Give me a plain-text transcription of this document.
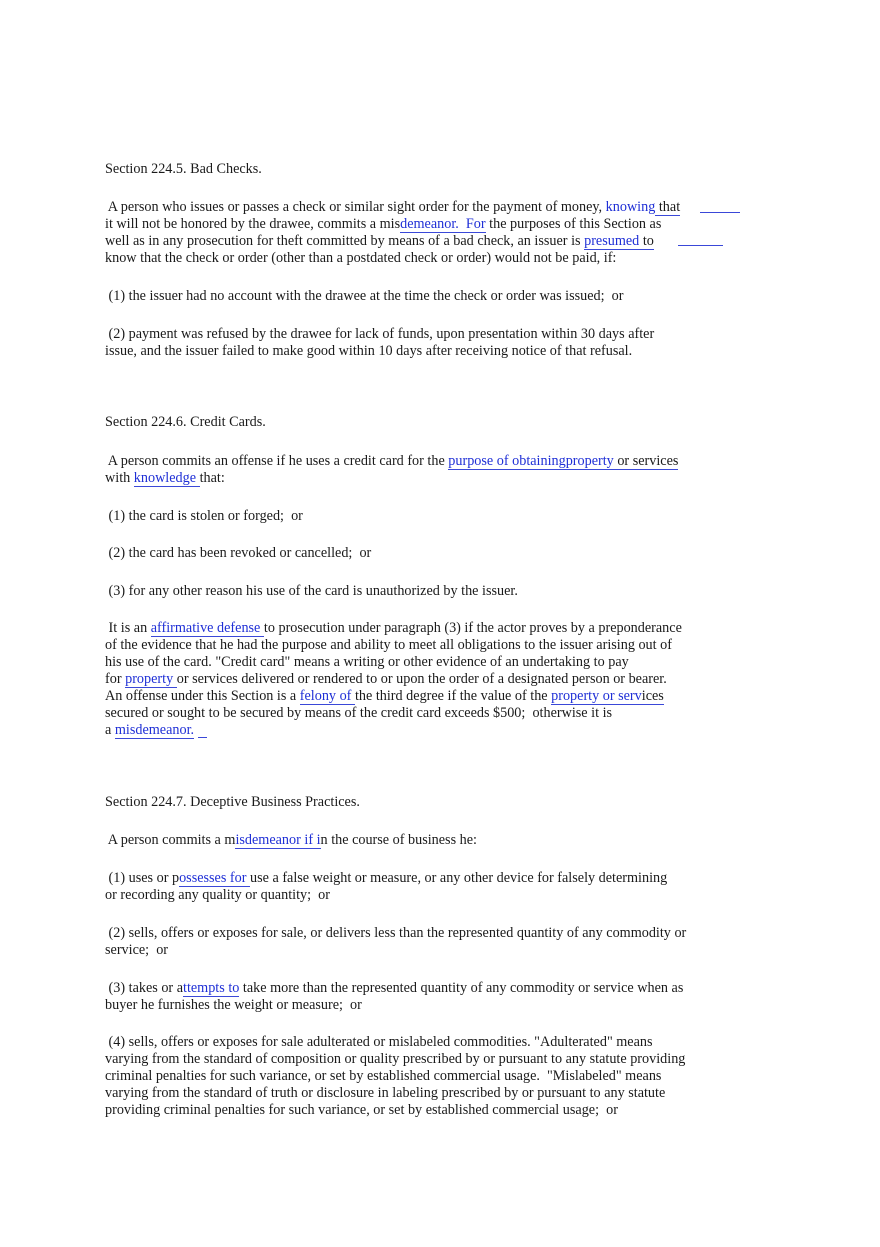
Section 224.5. Bad Checks.
A person who issues or passes a check or similar sight order for the payment of money, knowing that
it will not be honored by the drawee, commits a misdemeanor.  For the purposes of this Section as
well as in any prosecution for theft committed by means of a bad check, an issuer is presumed to
know that the check or order (other than a postdated check or order) would not be paid, if:
(1) the issuer had no account with the drawee at the time the check or order was issued;  or
(2) payment was refused by the drawee for lack of funds, upon presentation within 30 days after
issue, and the issuer failed to make good within 10 days after receiving notice of that refusal.
Section 224.6. Credit Cards.
A person commits an offense if he uses a credit card for the purpose of obtainingproperty or services
with knowledge that:
(1) the card is stolen or forged;  or
(2) the card has been revoked or cancelled;  or
(3) for any other reason his use of the card is unauthorized by the issuer.
It is an affirmative defense to prosecution under paragraph (3) if the actor proves by a preponderance
of the evidence that he had the purpose and ability to meet all obligations to the issuer arising out of
his use of the card. "Credit card" means a writing or other evidence of an undertaking to pay
for property or services delivered or rendered to or upon the order of a designated person or bearer.
An offense under this Section is a felony of the third degree if the value of the property or services
secured or sought to be secured by means of the credit card exceeds $500;  otherwise it is
a misdemeanor.
Section 224.7. Deceptive Business Practices.
A person commits a misdemeanor if in the course of business he:
(1) uses or possesses for use a false weight or measure, or any other device for falsely determining
or recording any quality or quantity;  or
(2) sells, offers or exposes for sale, or delivers less than the represented quantity of any commodity or
service;  or
(3) takes or attempts to take more than the represented quantity of any commodity or service when as
buyer he furnishes the weight or measure;  or
(4) sells, offers or exposes for sale adulterated or mislabeled commodities. "Adulterated" means
varying from the standard of composition or quality prescribed by or pursuant to any statute providing
criminal penalties for such variance, or set by established commercial usage.  "Mislabeled" means
varying from the standard of truth or disclosure in labeling prescribed by or pursuant to any statute
providing criminal penalties for such variance, or set by established commercial usage;  or
